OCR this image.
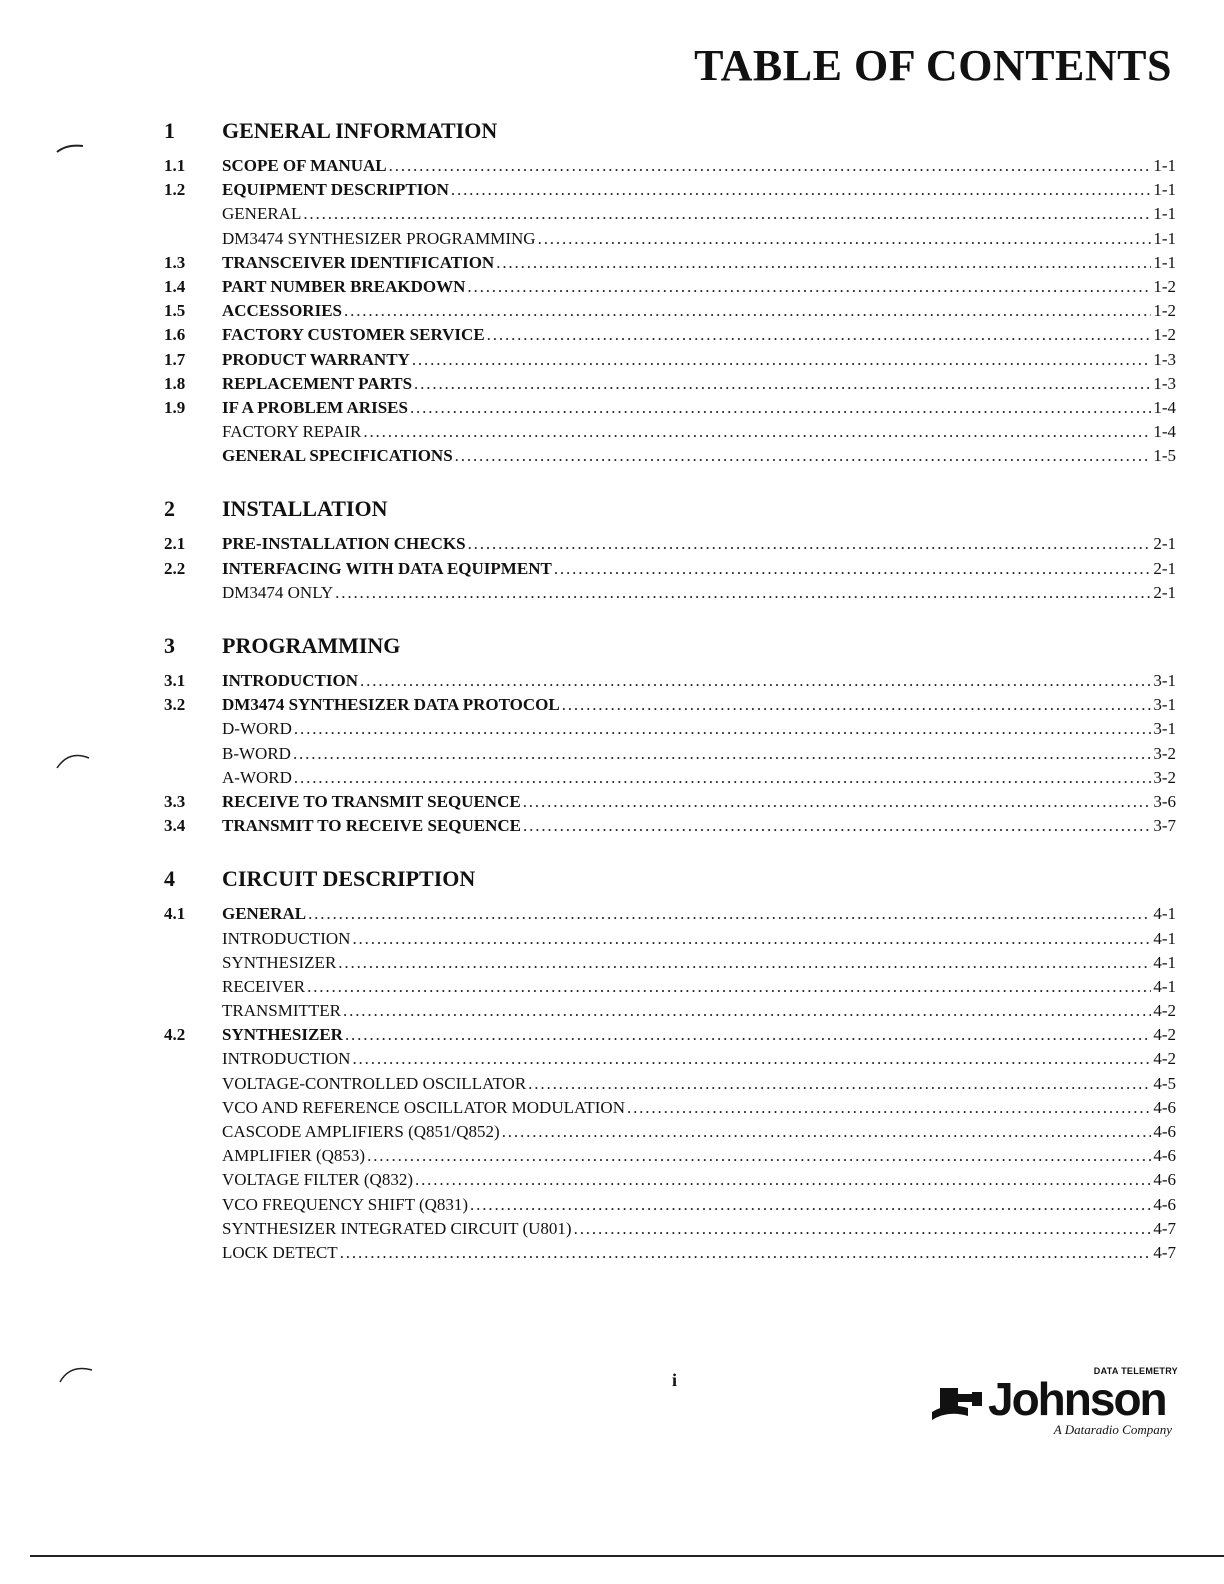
TABLE OF CONTENTS
1	GENERAL INFORMATION
1.1	SCOPE OF MANUAL . . .	1-1
1.2	EQUIPMENT DESCRIPTION . . .	1-1
GENERAL . . .	1-1
DM3474 SYNTHESIZER PROGRAMMING . . .	1-1
1.3	TRANSCEIVER IDENTIFICATION . . .	1-1
1.4	PART NUMBER BREAKDOWN . . .	1-2
1.5	ACCESSORIES . . .	1-2
1.6	FACTORY CUSTOMER SERVICE . . .	1-2
1.7	PRODUCT WARRANTY . . .	1-3
1.8	REPLACEMENT PARTS . . .	1-3
1.9	IF A PROBLEM ARISES . . .	1-4
FACTORY REPAIR . . .	1-4
GENERAL SPECIFICATIONS . . .	1-5
2	INSTALLATION
2.1	PRE-INSTALLATION CHECKS . . .	2-1
2.2	INTERFACING WITH DATA EQUIPMENT . . .	2-1
DM3474 ONLY . . .	2-1
3	PROGRAMMING
3.1	INTRODUCTION . . .	3-1
3.2	DM3474 SYNTHESIZER DATA PROTOCOL . . .	3-1
D-WORD . . .	3-1
B-WORD . . .	3-2
A-WORD . . .	3-2
3.3	RECEIVE TO TRANSMIT SEQUENCE . . .	3-6
3.4	TRANSMIT TO RECEIVE SEQUENCE . . .	3-7
4	CIRCUIT DESCRIPTION
4.1	GENERAL . . .	4-1
INTRODUCTION . . .	4-1
SYNTHESIZER . . .	4-1
RECEIVER . . .	4-1
TRANSMITTER . . .	4-2
4.2	SYNTHESIZER . . .	4-2
INTRODUCTION . . .	4-2
VOLTAGE-CONTROLLED OSCILLATOR . . .	4-5
VCO AND REFERENCE OSCILLATOR MODULATION . . .	4-6
CASCODE AMPLIFIERS (Q851/Q852) . . .	4-6
AMPLIFIER (Q853) . . .	4-6
VOLTAGE FILTER (Q832) . . .	4-6
VCO FREQUENCY SHIFT (Q831) . . .	4-6
SYNTHESIZER INTEGRATED CIRCUIT (U801) . . .	4-7
LOCK DETECT . . .	4-7
i	DATA TELEMETRY
Johnson
A Dataradio Company
